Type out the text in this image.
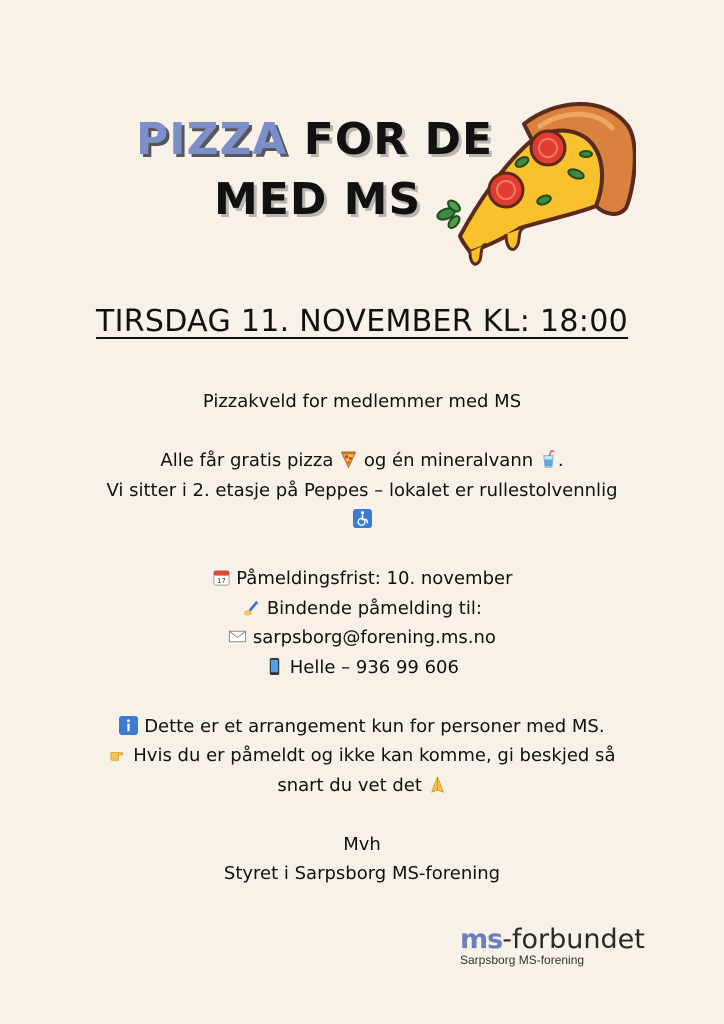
PIZZA FOR DE
MED MS
TIRSDAG 11. NOVEMBER KL: 18:00

Pizzakveld for medlemmer med MS

Alle får gratis pizza og én mineralvann .

Vi sitter i 2. etasje på Peppes – lokalet er rullestolvennlig

17 Påmeldingsfrist: 10. november

Bindende påmelding til:

sarpsborg@forening.ms.no

Helle – 936 99 606

Dette er et arrangement kun for personer med MS.

Hvis du er påmeldt og ikke kan komme, gi beskjed så

snart du vet det

Mvh

Styret i Sarpsborg MS-forening

ms-forbundet
Sarpsborg MS-forening
